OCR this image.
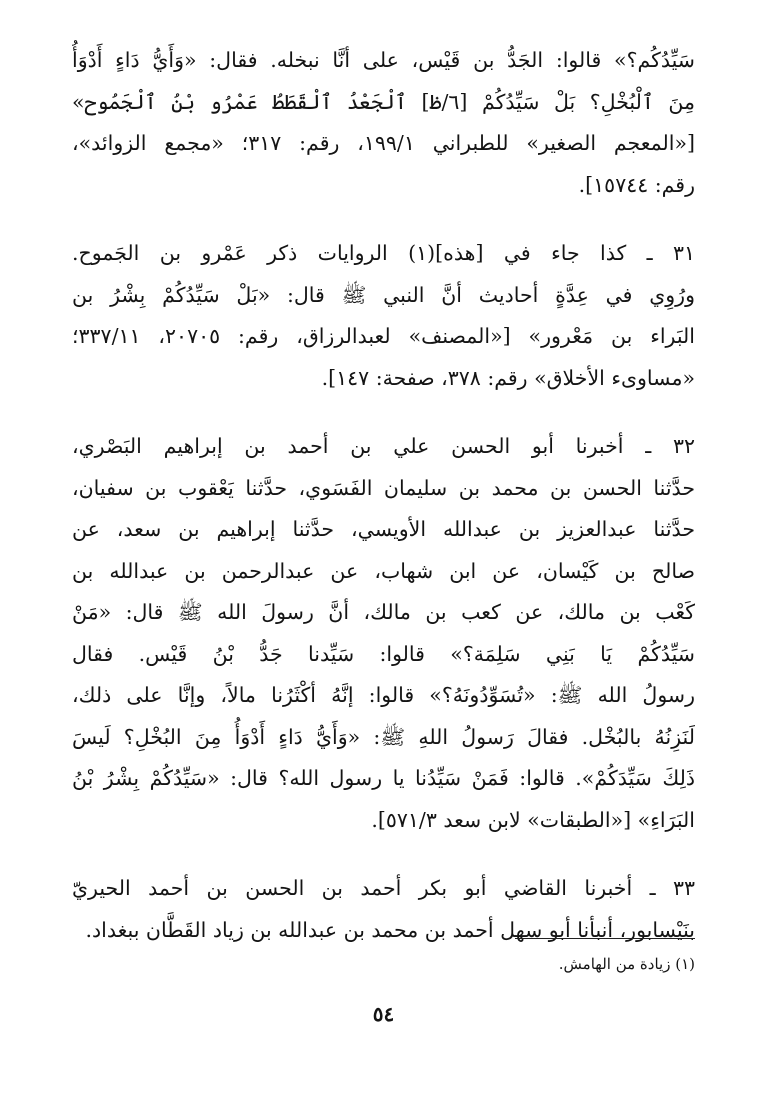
سَيِّدُكُم؟» قالوا: الجَدُّ بن قَيْس، على أنَّا نبخله. فقال: «وَأَيُّ دَاءٍ أَدْوَأُ
مِنَ ٱلْبُخْلِ؟ بَلْ سَيِّدُكُمْ [٦/ظ] ٱلْجَعْدُ ٱلْقَطَطُ عَمْرُو بْنُ ٱلْجَمُوح»
[«المعجم الصغير» للطبراني ١٩٩/١، رقم: ٣١٧؛ «مجمع الزوائد»،
رقم: ١٥٧٤٤].
٣١ ـ كذا جاء في [هذه](١) الروايات ذكر عَمْرو بن الجَموح.
ورُوِي في عِدَّةٍ أحاديث أنَّ النبي ﷺ قال: «بَلْ سَيِّدُكُمْ بِشْرُ بن
البَراء بن مَعْرور» [«المصنف» لعبدالرزاق، رقم: ٢٠٧٠٥، ٣٣٧/١١؛
«مساوىء الأخلاق» رقم: ٣٧٨، صفحة: ١٤٧].
٣٢ ـ أخبرنا أبو الحسن علي بن أحمد بن إبراهيم البَصْري،
حدَّثنا الحسن بن محمد بن سليمان الفَسَوي، حدَّثنا يَعْقوب بن سفيان،
حدَّثنا عبدالعزيز بن عبدالله الأويسي، حدَّثنا إبراهيم بن سعد، عن
صالح بن كَيْسان، عن ابن شهاب، عن عبدالرحمن بن عبدالله بن
كَعْب بن مالك، عن كعب بن مالك، أنَّ رسولَ الله ﷺ قال: «مَنْ
سَيِّدُكُمْ يَا بَنِي سَلِمَة؟» قالوا: سَيِّدنا جَدُّ بْنُ قَيْس. فقال
رسولُ الله ﷺ: «تُسَوِّدُونَهُ؟» قالوا: إنَّهُ أكْثَرُنا مالاً، وإنَّا على ذلك،
لَنَزِنُهُ بالبُخْل. فقالَ رَسولُ اللهِ ﷺ: «وَأَيُّ دَاءٍ أَدْوَأُ مِنَ البُخْلِ؟ لَيسَ
ذَلِكَ سَيِّدَكُمْ». قالوا: فَمَنْ سَيِّدُنا يا رسول الله؟ قال: «سَيِّدُكُمْ بِشْرُ بْنُ
البَرَاءِ» [«الطبقات» لابن سعد ٥٧١/٣].
٣٣ ـ أخبرنا القاضي أبو بكر أحمد بن الحسن بن أحمد الحيريّ
بنَيْسابور، أنبأنا أبو سهل أحمد بن محمد بن عبدالله بن زياد القَطَّان ببغداد.
(١) زيادة من الهامش.
٥٤
